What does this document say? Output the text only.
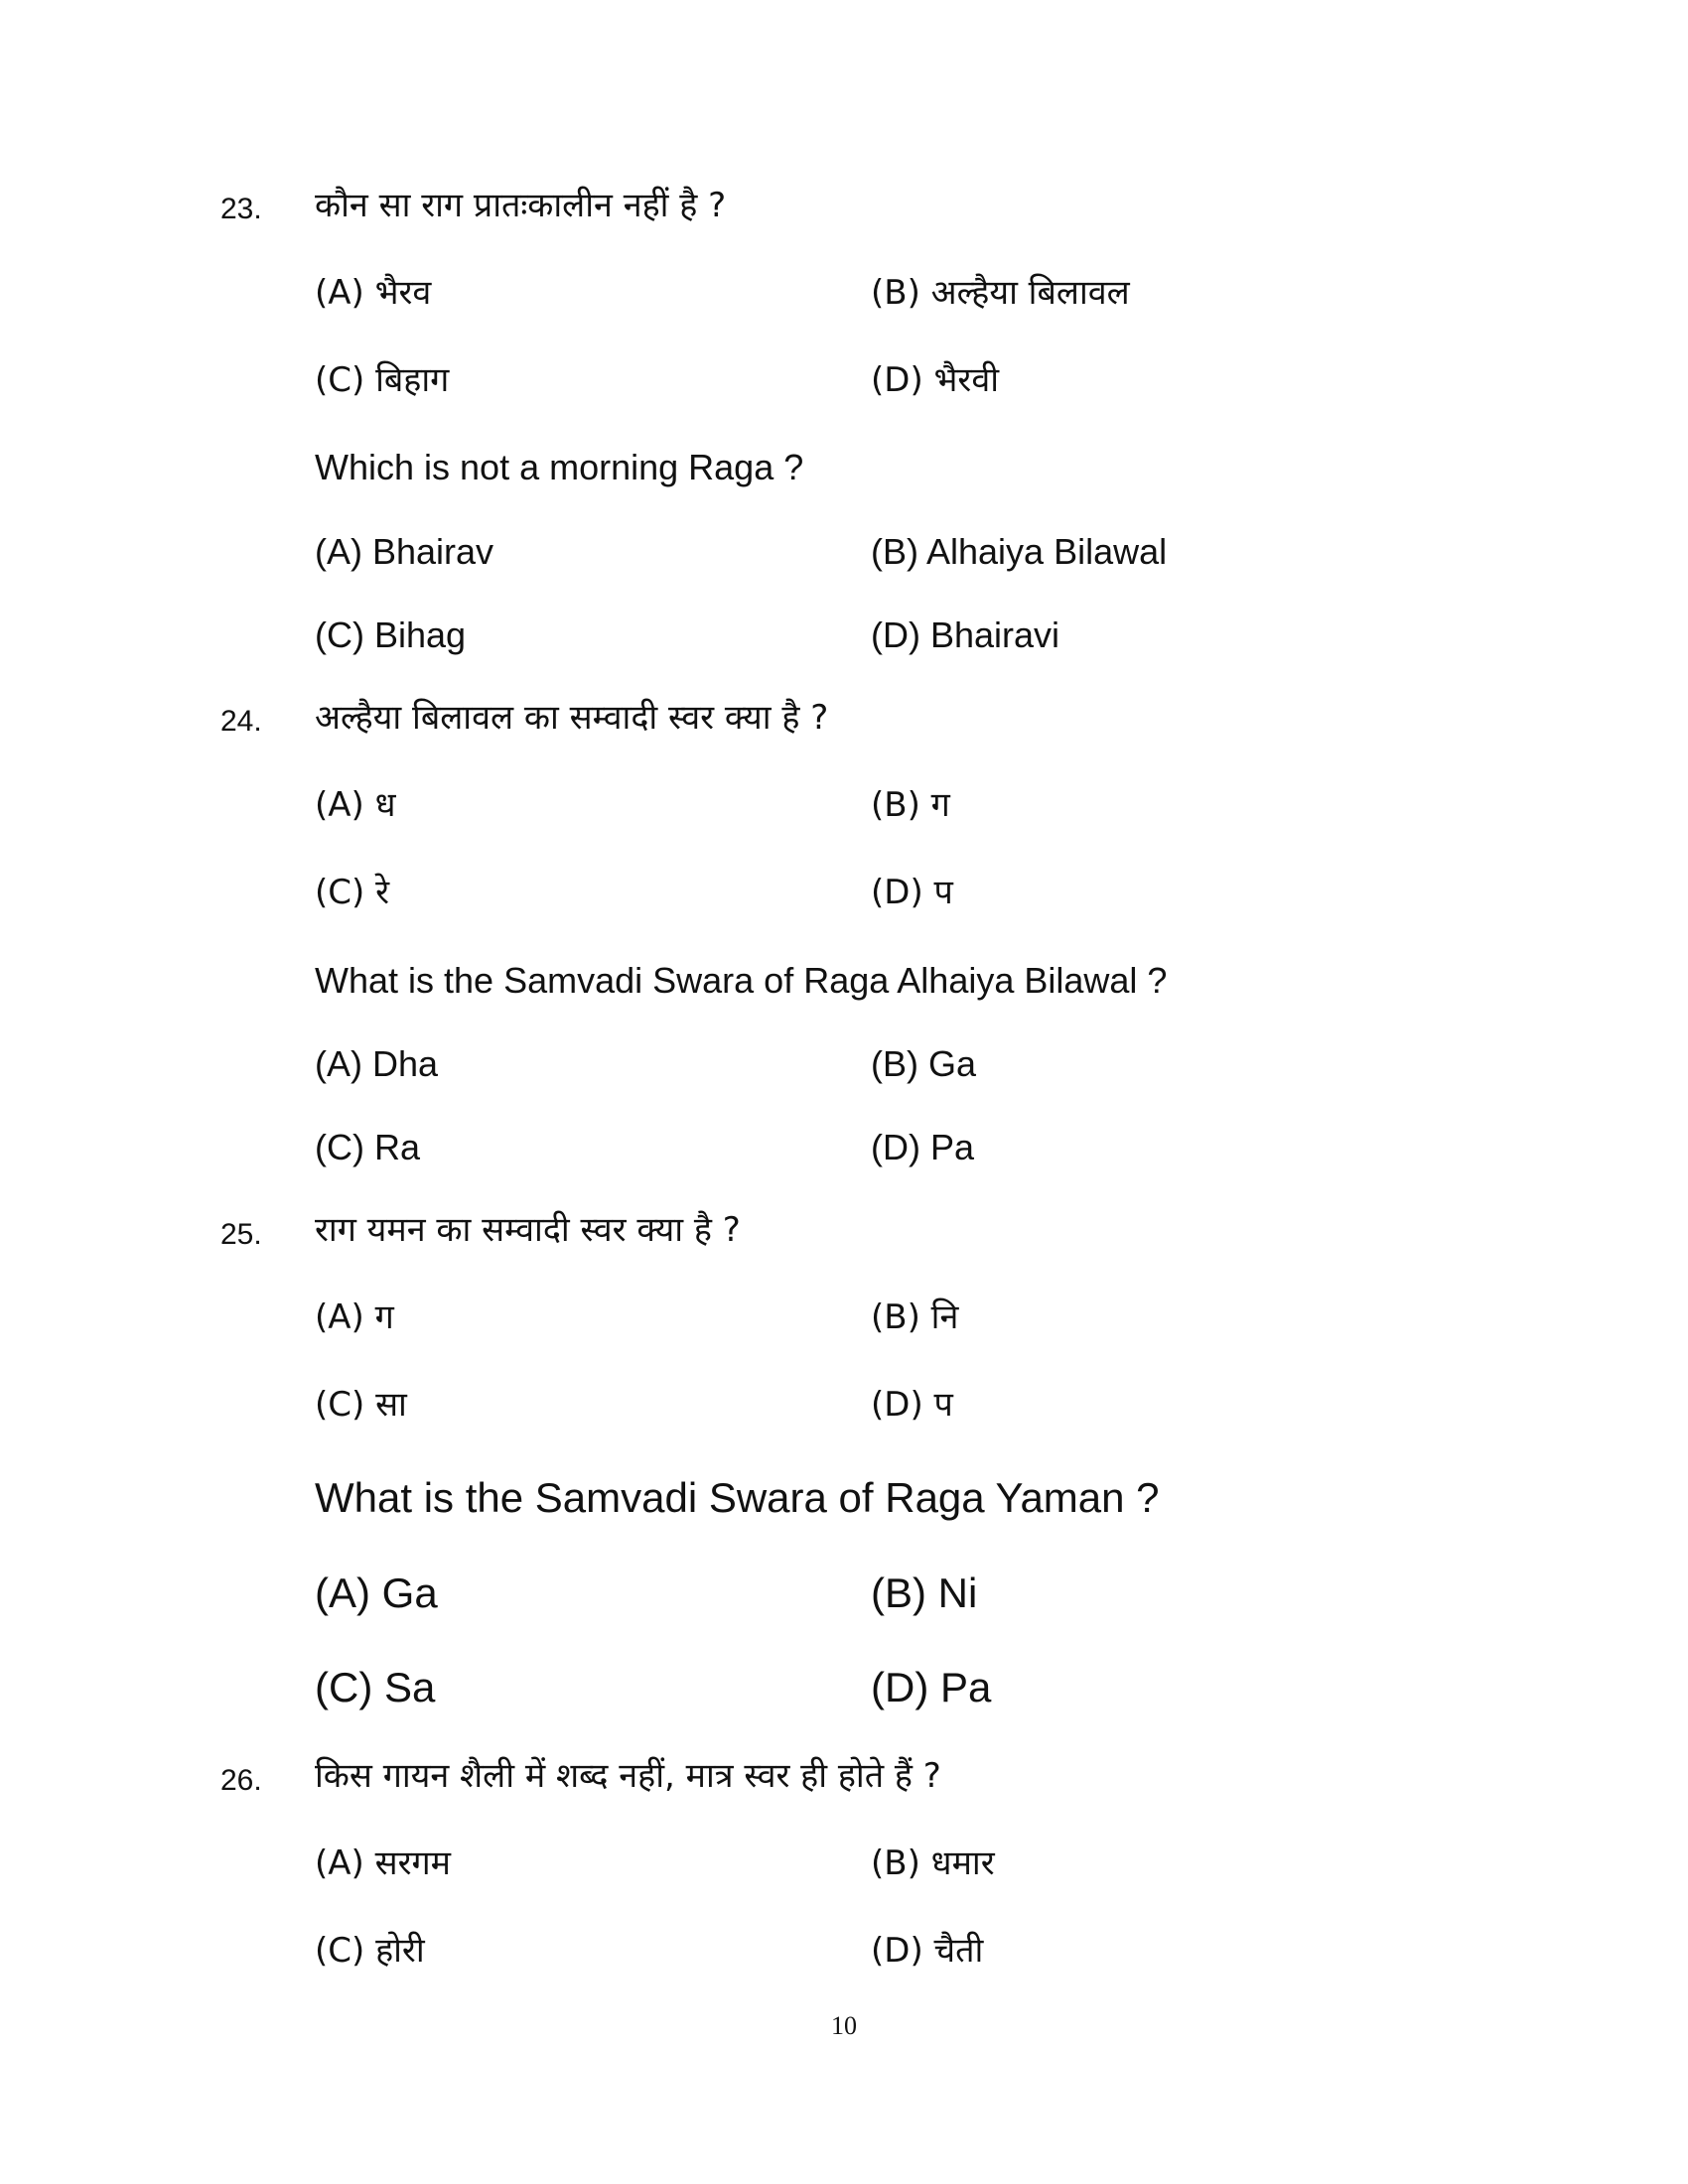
23. कौन सा राग प्रातःकालीन नहीं है ?
(A) भैरव	(B) अल्हैया बिलावल
(C) बिहाग	(D) भैरवी
Which is not a morning Raga ?
(A) Bhairav	(B) Alhaiya Bilawal
(C) Bihag	(D) Bhairavi
24. अल्हैया बिलावल का सम्वादी स्वर क्या है ?
(A) ध	(B) ग
(C) रे	(D) प
What is the Samvadi Swara of Raga Alhaiya Bilawal ?
(A) Dha	(B) Ga
(C) Ra	(D) Pa
25. राग यमन का सम्वादी स्वर क्या है ?
(A) ग	(B) नि
(C) सा	(D) प
What is the Samvadi Swara of Raga Yaman ?
(A) Ga	(B) Ni
(C) Sa	(D) Pa
26. किस गायन शैली में शब्द नहीं, मात्र स्वर ही होते हैं ?
(A) सरगम	(B) धमार
(C) होरी	(D) चैती
10
